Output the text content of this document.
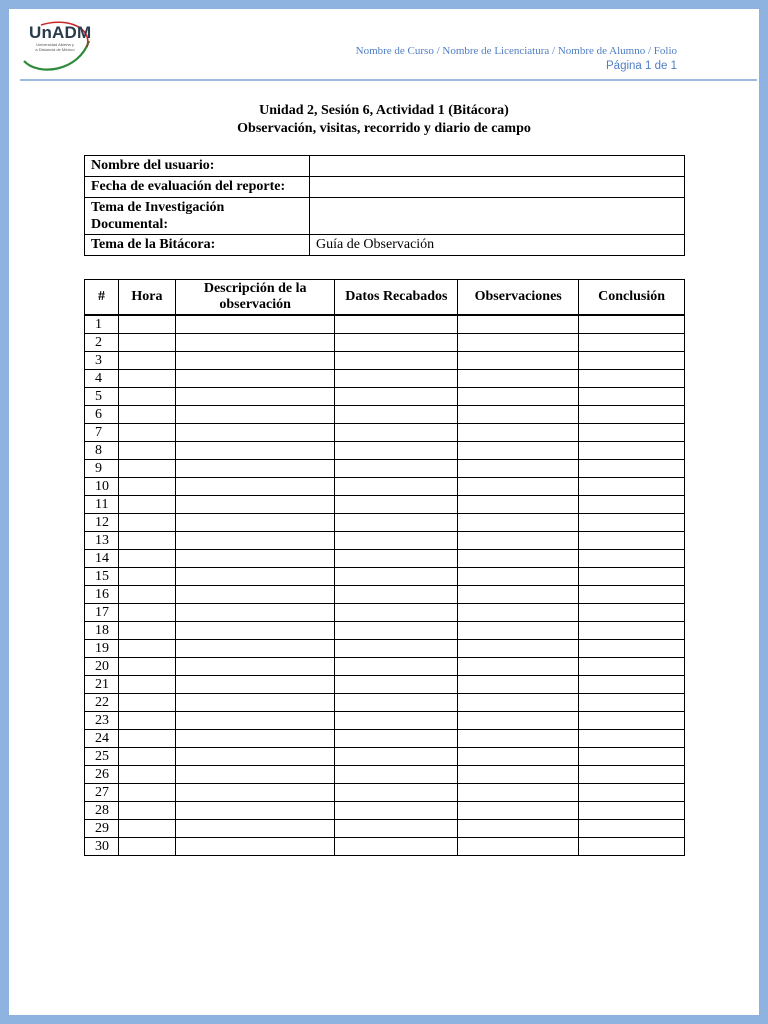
UnADM
Universidad Abierta y a Distancia de México	Nombre de Curso / Nombre de Licenciatura / Nombre de Alumno / Folio
Página 1 de 1
Unidad 2, Sesión 6, Actividad 1 (Bitácora)
Observación, visitas, recorrido y diario de campo
Nombre del usuario:	
Fecha de evaluación del reporte:	
Tema de Investigación Documental:	
Tema de la Bitácora:	Guía de Observación
#	Hora	Descripción de la observación	Datos Recabados	Observaciones	Conclusión
1					
2					
3					
4					
5					
6					
7					
8					
9					
10					
11					
12					
13					
14					
15					
16					
17					
18					
19					
20					
21					
22					
23					
24					
25					
26					
27					
28					
29					
30					
